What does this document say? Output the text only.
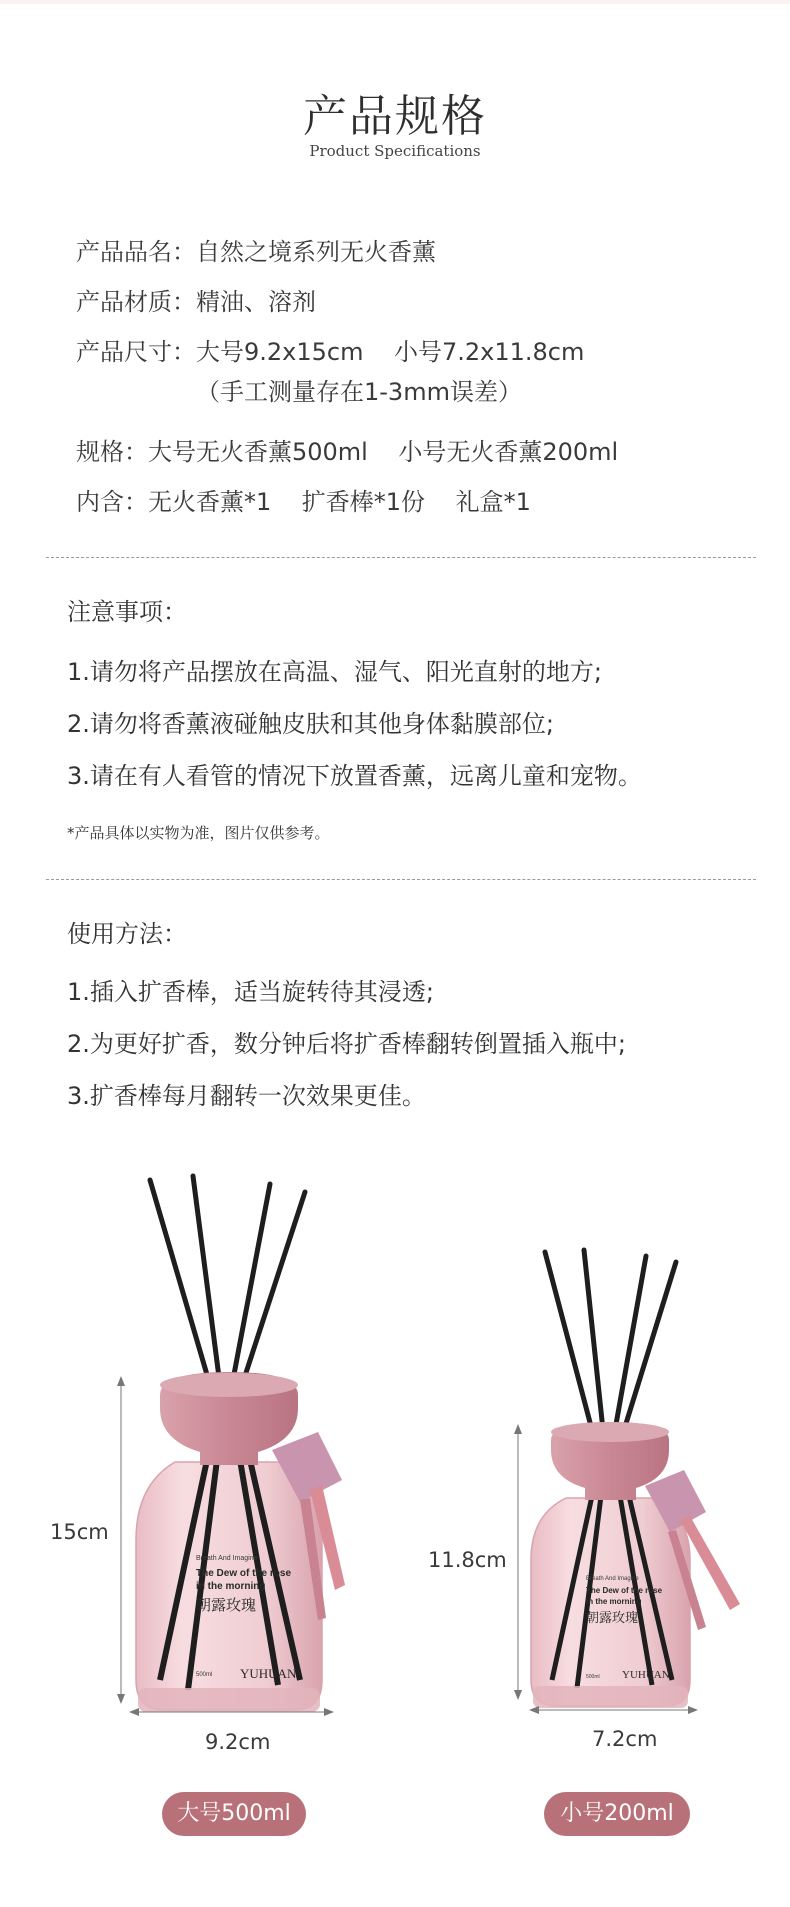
产品规格
Product Specifications
产品品名：自然之境系列无火香薰
产品材质：精油、溶剂
产品尺寸：大号9.2x15cm    小号7.2x11.8cm
（手工测量存在1-3mm误差）
规格：大号无火香薰500ml    小号无火香薰200ml
内含：无火香薰*1    扩香棒*1份    礼盒*1
注意事项：
1.请勿将产品摆放在高温、湿气、阳光直射的地方;
2.请勿将香薰液碰触皮肤和其他身体黏膜部位;
3.请在有人看管的情况下放置香薰，远离儿童和宠物。
*产品具体以实物为准，图片仅供参考。
使用方法：
1.插入扩香棒，适当旋转待其浸透;
2.为更好扩香，数分钟后将扩香棒翻转倒置插入瓶中;
3.扩香棒每月翻转一次效果更佳。
Breath And Imagine
The Dew of the rose
in the morning
朝露玫瑰
YUHUAN
500ml
Breath And Imagine
The Dew of the rose
in the morning
朝露玫瑰
YUHUAN
500ml
15cm
9.2cm
11.8cm
7.2cm
大号500ml	小号200ml
